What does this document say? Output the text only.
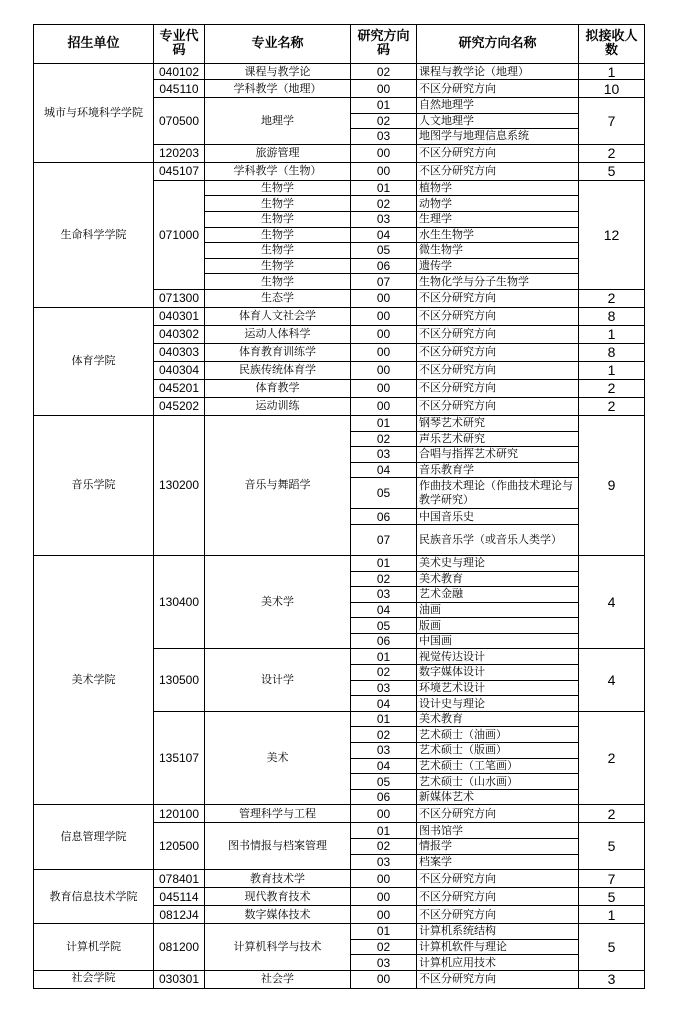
招生单位	专业代码	专业名称	研究方向码	研究方向名称	拟接收人数
城市与环境科学学院	040102	课程与教学论	02	课程与教学论（地理）	1
	045110	学科教学（地理）	00	不区分研究方向	10
	070500	地理学	01	自然地理学	7
			02	人文地理学	
			03	地图学与地理信息系统	
	120203	旅游管理	00	不区分研究方向	2
生命科学学院	045107	学科教学（生物）	00	不区分研究方向	5
	071000	生物学	01	植物学	12
		生物学	02	动物学	
		生物学	03	生理学	
		生物学	04	水生生物学	
		生物学	05	微生物学	
		生物学	06	遗传学	
		生物学	07	生物化学与分子生物学	
	071300	生态学	00	不区分研究方向	2
体育学院	040301	体育人文社会学	00	不区分研究方向	8
	040302	运动人体科学	00	不区分研究方向	1
	040303	体育教育训练学	00	不区分研究方向	8
	040304	民族传统体育学	00	不区分研究方向	1
	045201	体育教学	00	不区分研究方向	2
	045202	运动训练	00	不区分研究方向	2
音乐学院	130200	音乐与舞蹈学	01	钢琴艺术研究	9
			02	声乐艺术研究	
			03	合唱与指挥艺术研究	
			04	音乐教育学	
			05	作曲技术理论（作曲技术理论与教学研究）	
			06	中国音乐史	
			07	民族音乐学（或音乐人类学）	
美术学院	130400	美术学	01	美术史与理论	4
			02	美术教育	
			03	艺术金融	
			04	油画	
			05	版画	
			06	中国画	
	130500	设计学	01	视觉传达设计	4
			02	数字媒体设计	
			03	环境艺术设计	
			04	设计史与理论	
	135107	美术	01	美术教育	2
			02	艺术硕士（油画）	
			03	艺术硕士（版画）	
			04	艺术硕士（工笔画）	
			05	艺术硕士（山水画）	
			06	新媒体艺术	
信息管理学院	120100	管理科学与工程	00	不区分研究方向	2
	120500	图书情报与档案管理	01	图书馆学	5
			02	情报学	
			03	档案学	
教育信息技术学院	078401	教育技术学	00	不区分研究方向	7
	045114	现代教育技术	00	不区分研究方向	5
	0812J4	数字媒体技术	00	不区分研究方向	1
计算机学院	081200	计算机科学与技术	01	计算机系统结构	5
			02	计算机软件与理论	
			03	计算机应用技术	
社会学院	030301	社会学	00	不区分研究方向	3
